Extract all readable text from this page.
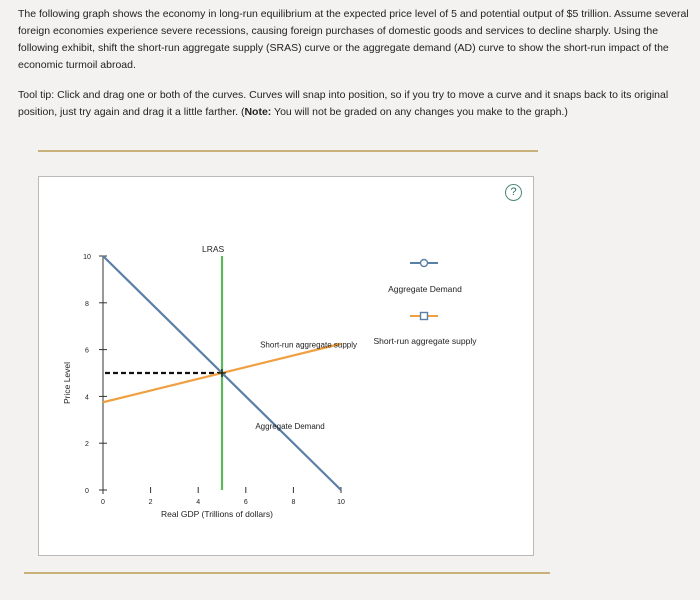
The following graph shows the economy in long-run equilibrium at the expected price level of 5 and potential output of $5 trillion. Assume several foreign economies experience severe recessions, causing foreign purchases of domestic goods and services to decline sharply. Using the following exhibit, shift the short-run aggregate supply (SRAS) curve or the aggregate demand (AD) curve to show the short-run impact of the economic turmoil abroad.
Tool tip: Click and drag one or both of the curves. Curves will snap into position, so if you try to move a curve and it snaps back to its original position, just try again and drag it a little farther. (Note: You will not be graded on any changes you make to the graph.)
?
0
2
4
6
8
10
0	2	4	6	8	10
Real GDP (Trillions of dollars)
Price Level
LRAS
Short-run aggregate supply
Aggregate Demand
Aggregate Demand
Short-run aggregate supply
